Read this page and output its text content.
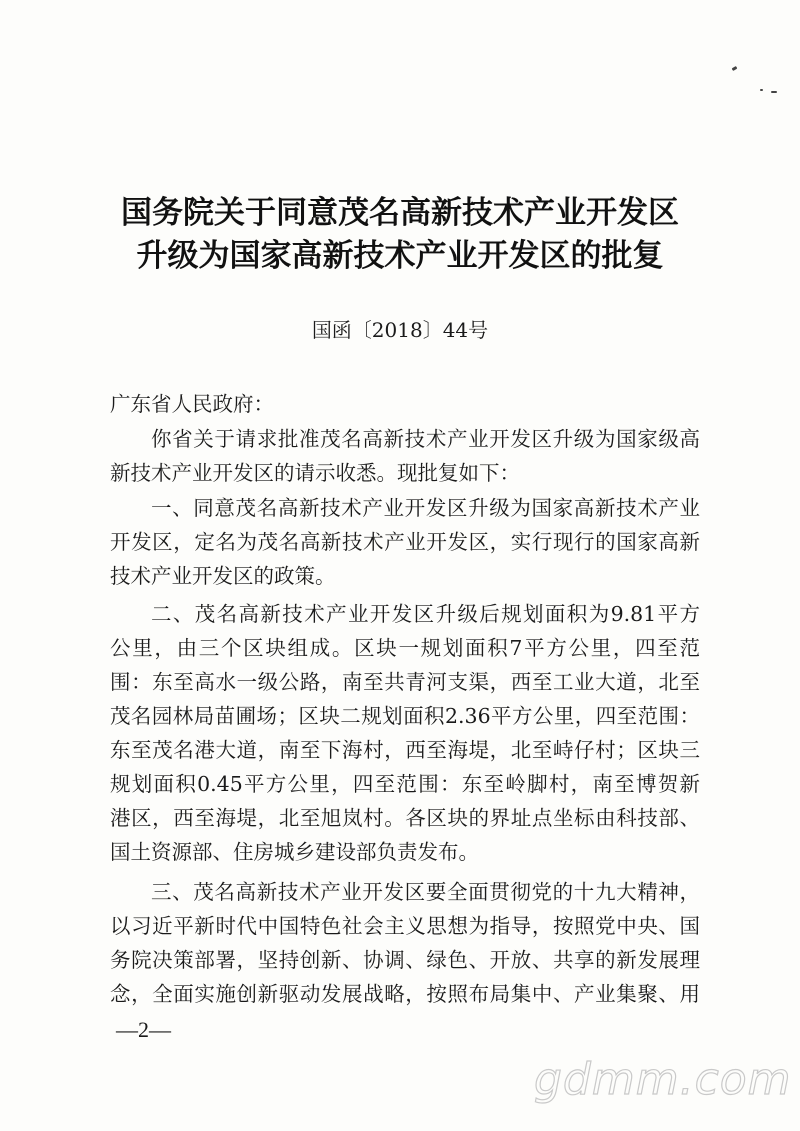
国务院关于同意茂名高新技术产业开发区
升级为国家高新技术产业开发区的批复
国函〔2018〕44号
广东省人民政府：
你省关于请求批准茂名高新技术产业开发区升级为国家级高
新技术产业开发区的请示收悉。现批复如下：
一、同意茂名高新技术产业开发区升级为国家高新技术产业
开发区，定名为茂名高新技术产业开发区，实行现行的国家高新
技术产业开发区的政策。
二、茂名高新技术产业开发区升级后规划面积为9.81平方
公里，由三个区块组成。区块一规划面积7平方公里，四至范
围：东至高水一级公路，南至共青河支渠，西至工业大道，北至
茂名园林局苗圃场；区块二规划面积2.36平方公里，四至范围：
东至茂名港大道，南至下海村，西至海堤，北至峙仔村；区块三
规划面积0.45平方公里，四至范围：东至岭脚村，南至博贺新
港区，西至海堤，北至旭岚村。各区块的界址点坐标由科技部、
国土资源部、住房城乡建设部负责发布。
三、茂名高新技术产业开发区要全面贯彻党的十九大精神，
以习近平新时代中国特色社会主义思想为指导，按照党中央、国
务院决策部署，坚持创新、协调、绿色、开放、共享的新发展理
念，全面实施创新驱动发展战略，按照布局集中、产业集聚、用
—2—
gdmm.com
